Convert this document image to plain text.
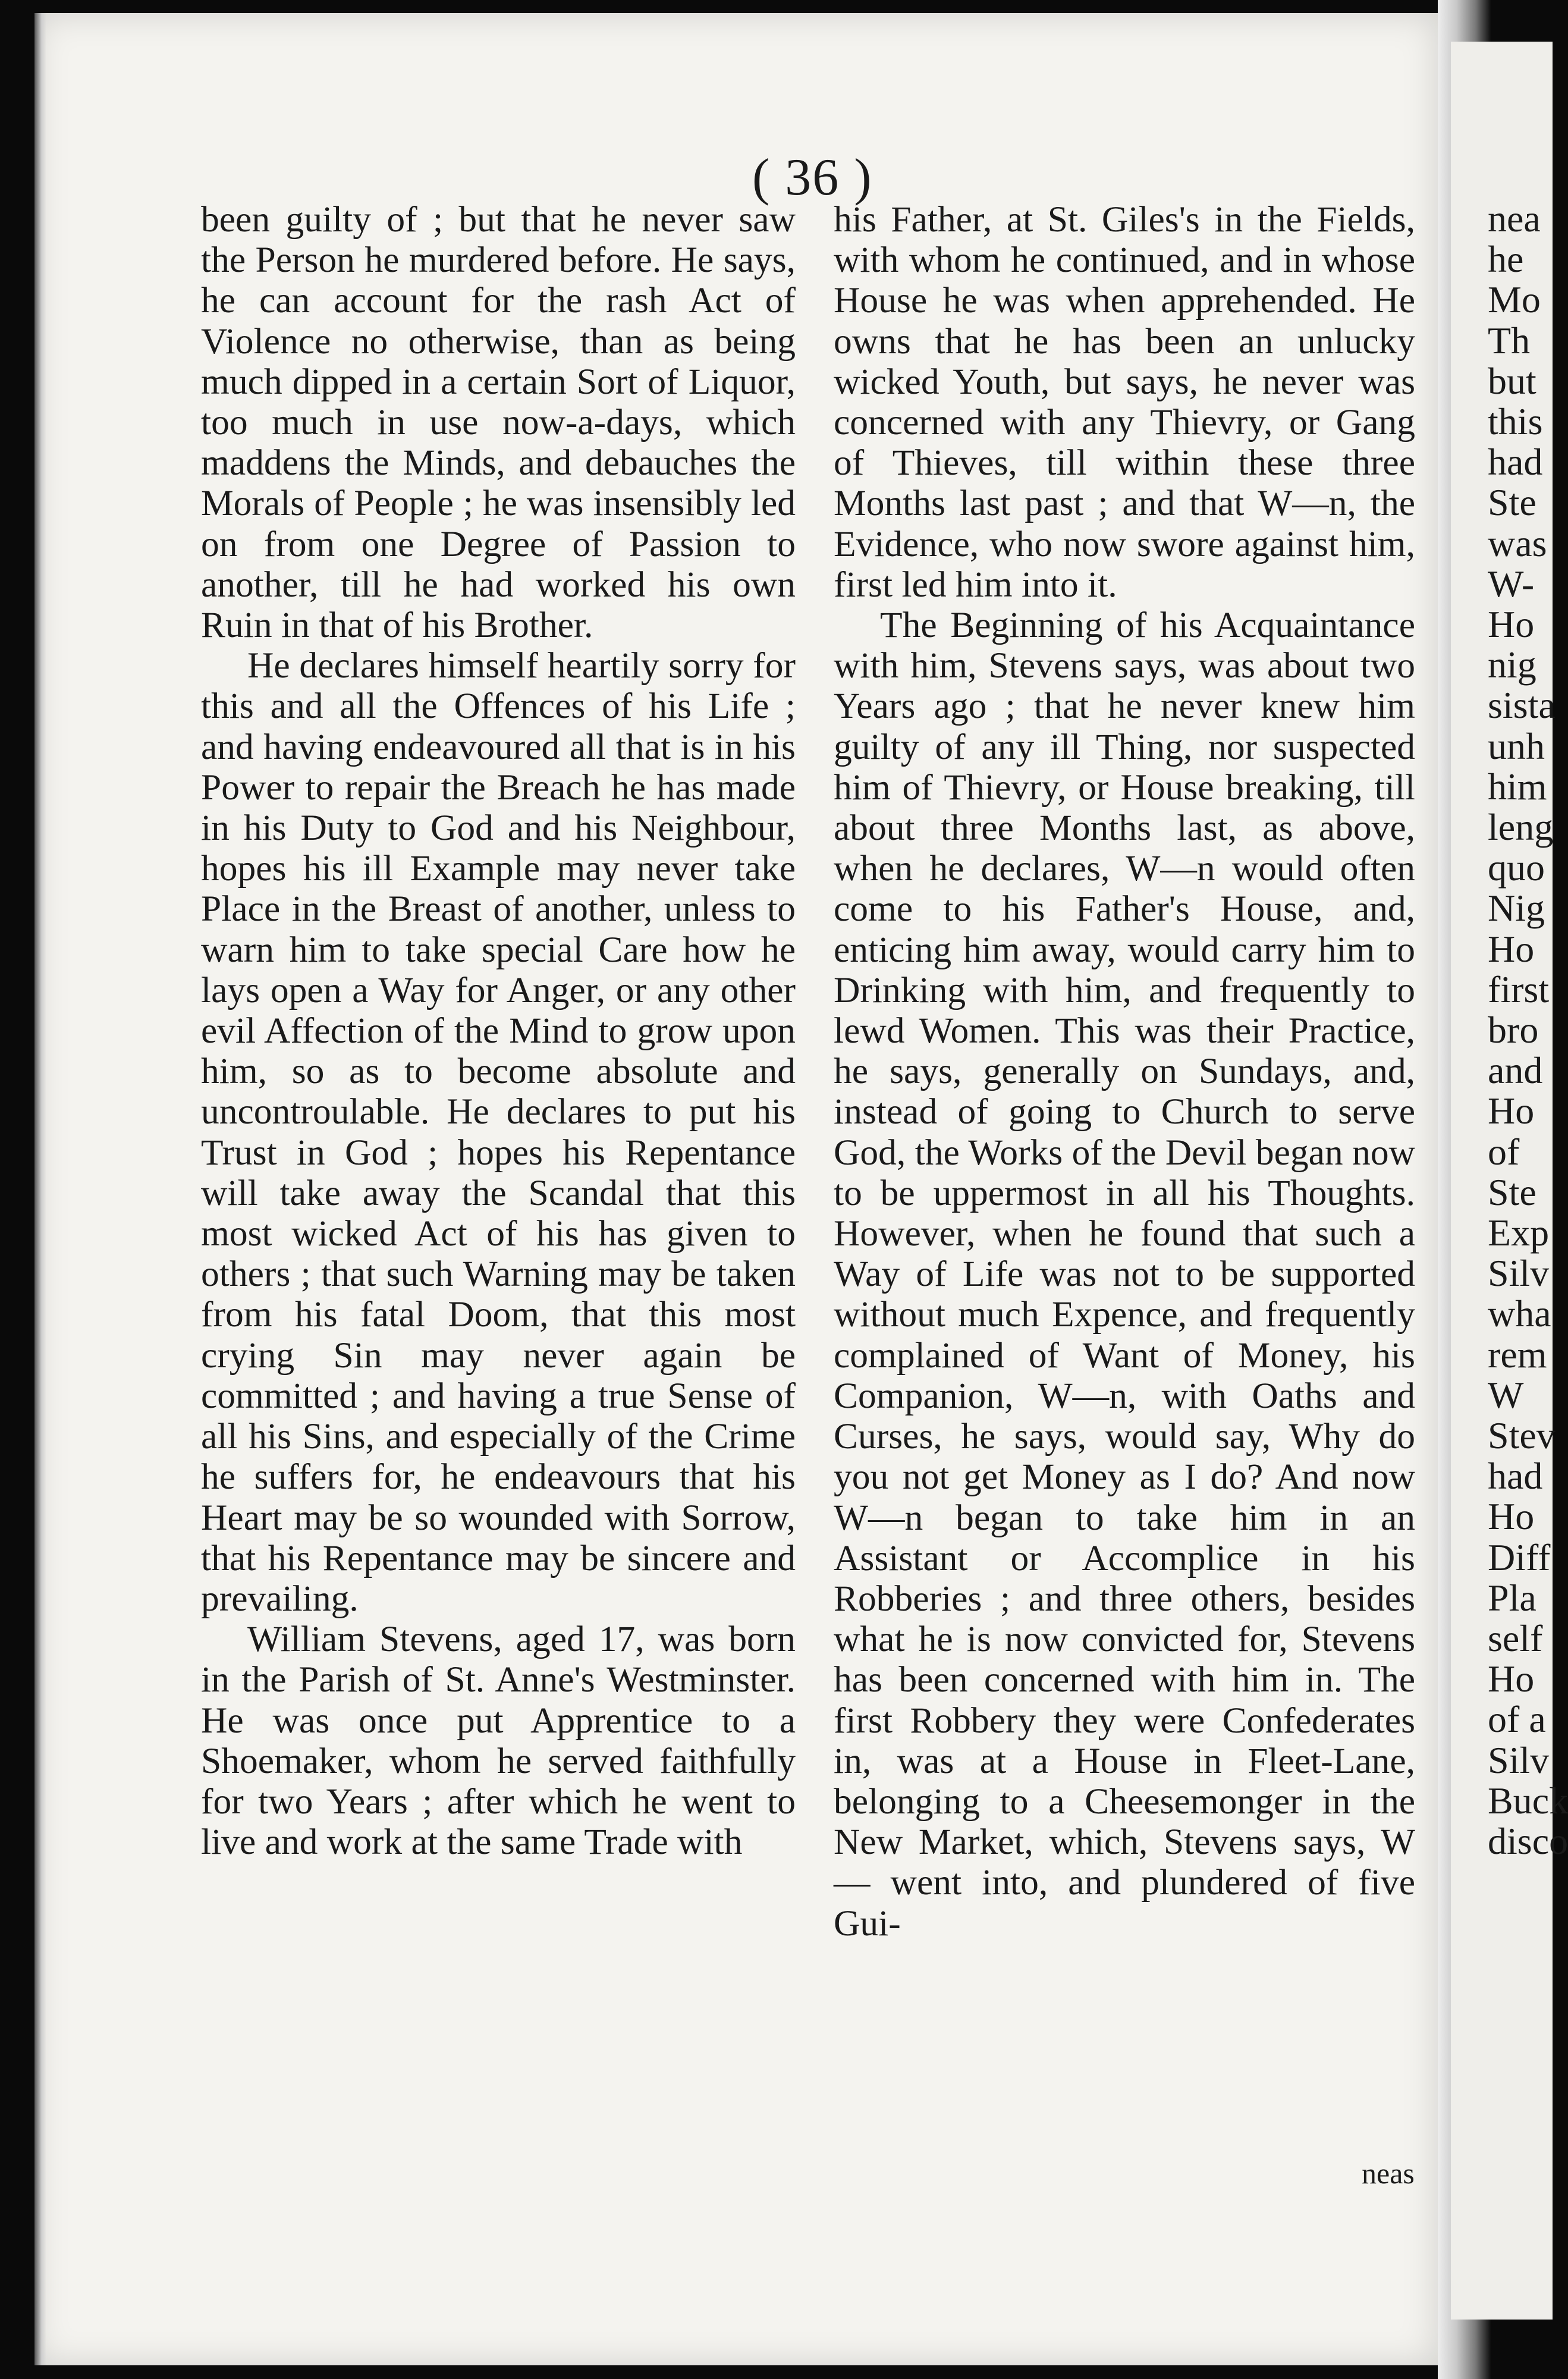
nea
he
Mo
Th
but
this
had
Ste
was
W-
Ho
nig
sista
unh
him
leng
quo
Nig
Ho
first
bro
and
Ho
of
Ste
Exp
Silv
wha
rem
W
Stev
had
Ho
Diff
Pla
self
Ho
of a
Silv
Buck
disco
( 36 )

been guilty of ; but that he never saw the Person he murdered before. He says, he can account for the rash Act of Violence no otherwise, than as being much dipped in a certain Sort of Liquor, too much in use now-a-days, which maddens the Minds, and debauches the Morals of People ; he was insensibly led on from one Degree of Passion to another, till he had worked his own Ruin in that of his Brother.

He declares himself heartily sorry for this and all the Offences of his Life ; and having endeavoured all that is in his Power to repair the Breach he has made in his Duty to God and his Neighbour, hopes his ill Example may never take Place in the Breast of another, unless to warn him to take special Care how he lays open a Way for Anger, or any other evil Affection of the Mind to grow upon him, so as to become absolute and uncontroulable. He declares to put his Trust in God ; hopes his Repentance will take away the Scandal that this most wicked Act of his has given to others ; that such Warning may be taken from his fatal Doom, that this most crying Sin may never again be committed ; and having a true Sense of all his Sins, and especially of the Crime he suffers for, he endeavours that his Heart may be so wounded with Sorrow, that his Repentance may be sincere and prevailing.

William Stevens, aged 17, was born in the Parish of St. Anne's Westminster. He was once put Apprentice to a Shoemaker, whom he served faithfully for two Years ; after which he went to live and work at the same Trade with

his Father, at St. Giles's in the Fields, with whom he continued, and in whose House he was when apprehended. He owns that he has been an unlucky wicked Youth, but says, he never was concerned with any Thievry, or Gang of Thieves, till within these three Months last past ; and that W—n, the Evidence, who now swore against him, first led him into it.

The Beginning of his Acquaintance with him, Stevens says, was about two Years ago ; that he never knew him guilty of any ill Thing, nor suspected him of Thievry, or House breaking, till about three Months last, as above, when he declares, W—n would often come to his Father's House, and, enticing him away, would carry him to Drinking with him, and frequently to lewd Women. This was their Practice, he says, generally on Sundays, and, instead of going to Church to serve God, the Works of the Devil began now to be uppermost in all his Thoughts. However, when he found that such a Way of Life was not to be supported without much Expence, and frequently complained of Want of Money, his Companion, W—n, with Oaths and Curses, he says, would say, Why do you not get Money as I do? And now W—n began to take him in an Assistant or Accomplice in his Robberies ; and three others, besides what he is now convicted for, Stevens has been concerned with him in. The first Robbery they were Confederates in, was at a House in Fleet-Lane, belonging to a Cheesemonger in the New Market, which, Stevens says, W— went into, and plundered of five Gui-

neas
